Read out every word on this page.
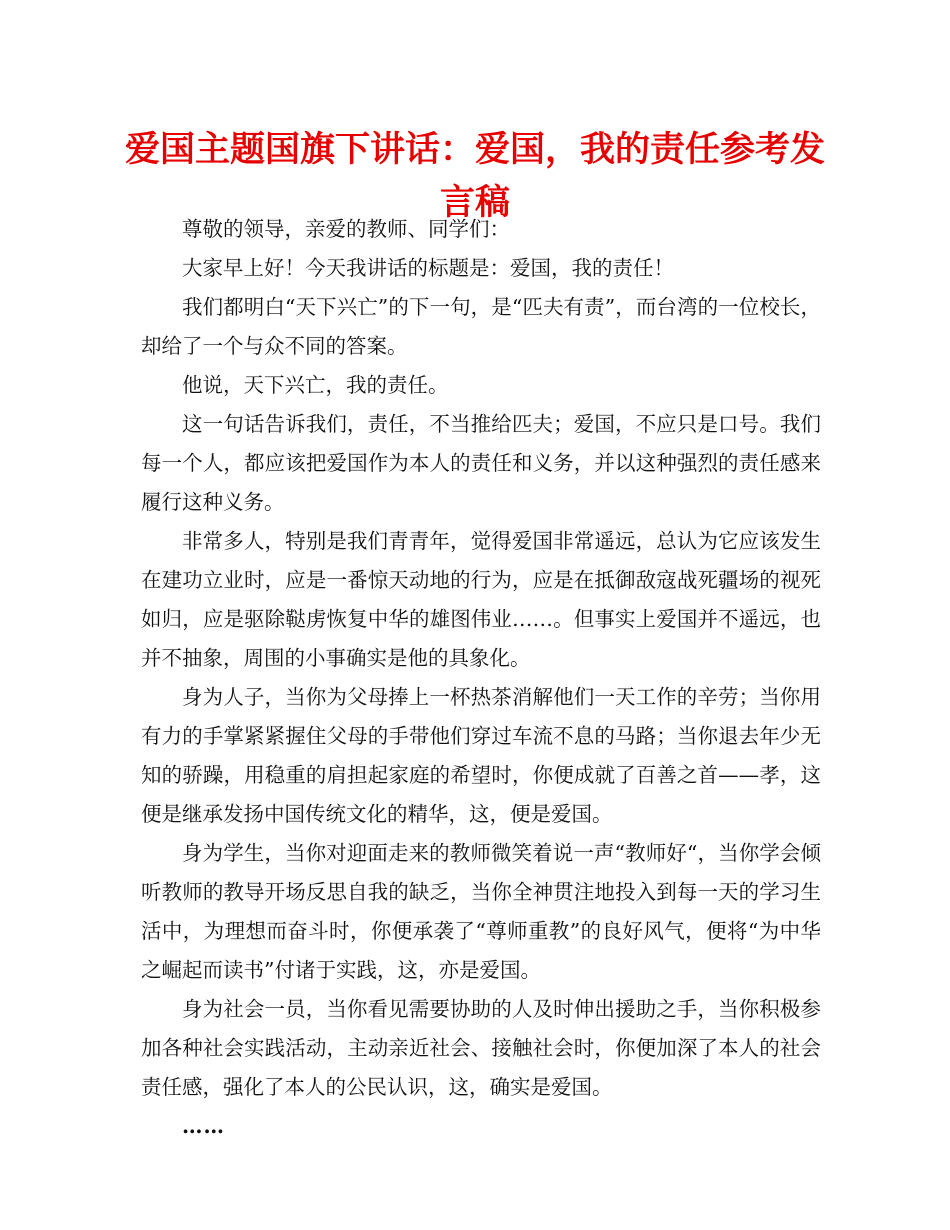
爱国主题国旗下讲话：爱国，我的责任参考发言稿

尊敬的领导，亲爱的教师、同学们：

大家早上好！今天我讲话的标题是：爱国，我的责任！

我们都明白“天下兴亡”的下一句，是“匹夫有责”，而台湾的一位校长，却给了一个与众不同的答案。

他说，天下兴亡，我的责任。

这一句话告诉我们，责任，不当推给匹夫；爱国，不应只是口号。我们每一个人，都应该把爱国作为本人的责任和义务，并以这种强烈的责任感来履行这种义务。

非常多人，特别是我们青青年，觉得爱国非常遥远，总认为它应该发生在建功立业时，应是一番惊天动地的行为，应是在抵御敌寇战死疆场的视死如归，应是驱除鞑虏恢复中华的雄图伟业……。但事实上爱国并不遥远，也并不抽象，周围的小事确实是他的具象化。

身为人子，当你为父母捧上一杯热茶消解他们一天工作的辛劳；当你用有力的手掌紧紧握住父母的手带他们穿过车流不息的马路；当你退去年少无知的骄躁，用稳重的肩担起家庭的希望时，你便成就了百善之首——孝，这便是继承发扬中国传统文化的精华，这，便是爱国。

身为学生，当你对迎面走来的教师微笑着说一声“教师好“，当你学会倾听教师的教导开场反思自我的缺乏，当你全神贯注地投入到每一天的学习生活中，为理想而奋斗时，你便承袭了“尊师重教”的良好风气，便将“为中华之崛起而读书”付诸于实践，这，亦是爱国。

身为社会一员，当你看见需要协助的人及时伸出援助之手，当你积极参加各种社会实践活动，主动亲近社会、接触社会时，你便加深了本人的社会责任感，强化了本人的公民认识，这，确实是爱国。

……
